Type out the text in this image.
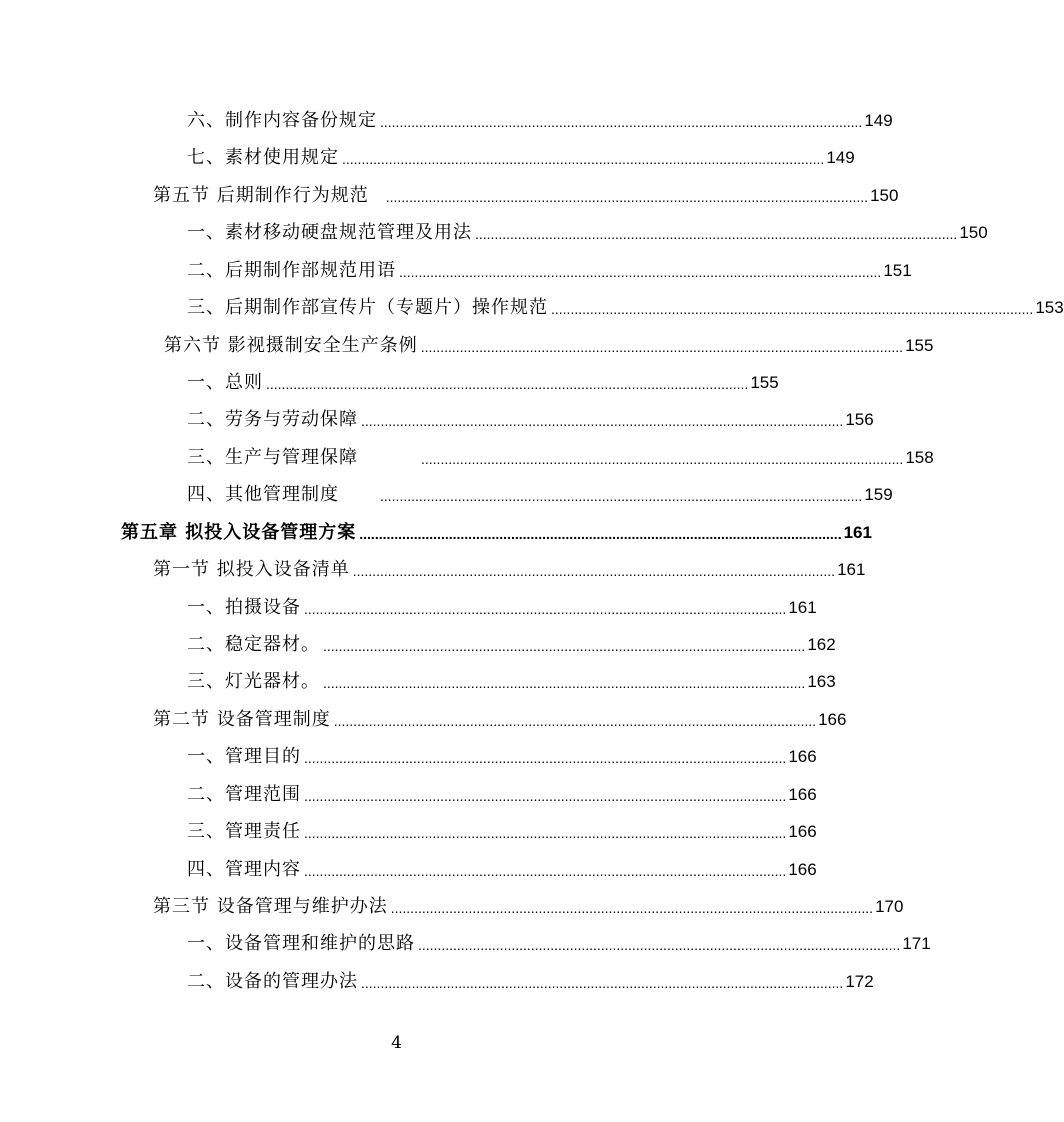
六、制作内容备份规定 ............................................................................................................................ 149
七、素材使用规定 ............................................................................................................................ 149
第五节 后期制作行为规范 ............................................................................................................................ 150
一、素材移动硬盘规范管理及用法 ............................................................................................................................ 150
二、后期制作部规范用语 ............................................................................................................................ 151
三、后期制作部宣传片（专题片）操作规范 ............................................................................................................................ 153
第六节 影视摄制安全生产条例 ............................................................................................................................ 155
一、总则 ............................................................................................................................ 155
二、劳务与劳动保障 ............................................................................................................................ 156
三、生产与管理保障	............................................................................................................................ 158
四、其他管理制度	............................................................................................................................ 159
第五章 拟投入设备管理方案 ............................................................................................................................ 161
第一节 拟投入设备清单 ............................................................................................................................ 161
一、拍摄设备 ............................................................................................................................ 161
二、稳定器材。 ............................................................................................................................ 162
三、灯光器材。 ............................................................................................................................ 163
第二节 设备管理制度 ............................................................................................................................ 166
一、管理目的 ............................................................................................................................ 166
二、管理范围 ............................................................................................................................ 166
三、管理责任 ............................................................................................................................ 166
四、管理内容 ............................................................................................................................ 166
第三节 设备管理与维护办法 ............................................................................................................................ 170
一、设备管理和维护的思路 ............................................................................................................................ 171
二、设备的管理办法 ............................................................................................................................ 172
4
